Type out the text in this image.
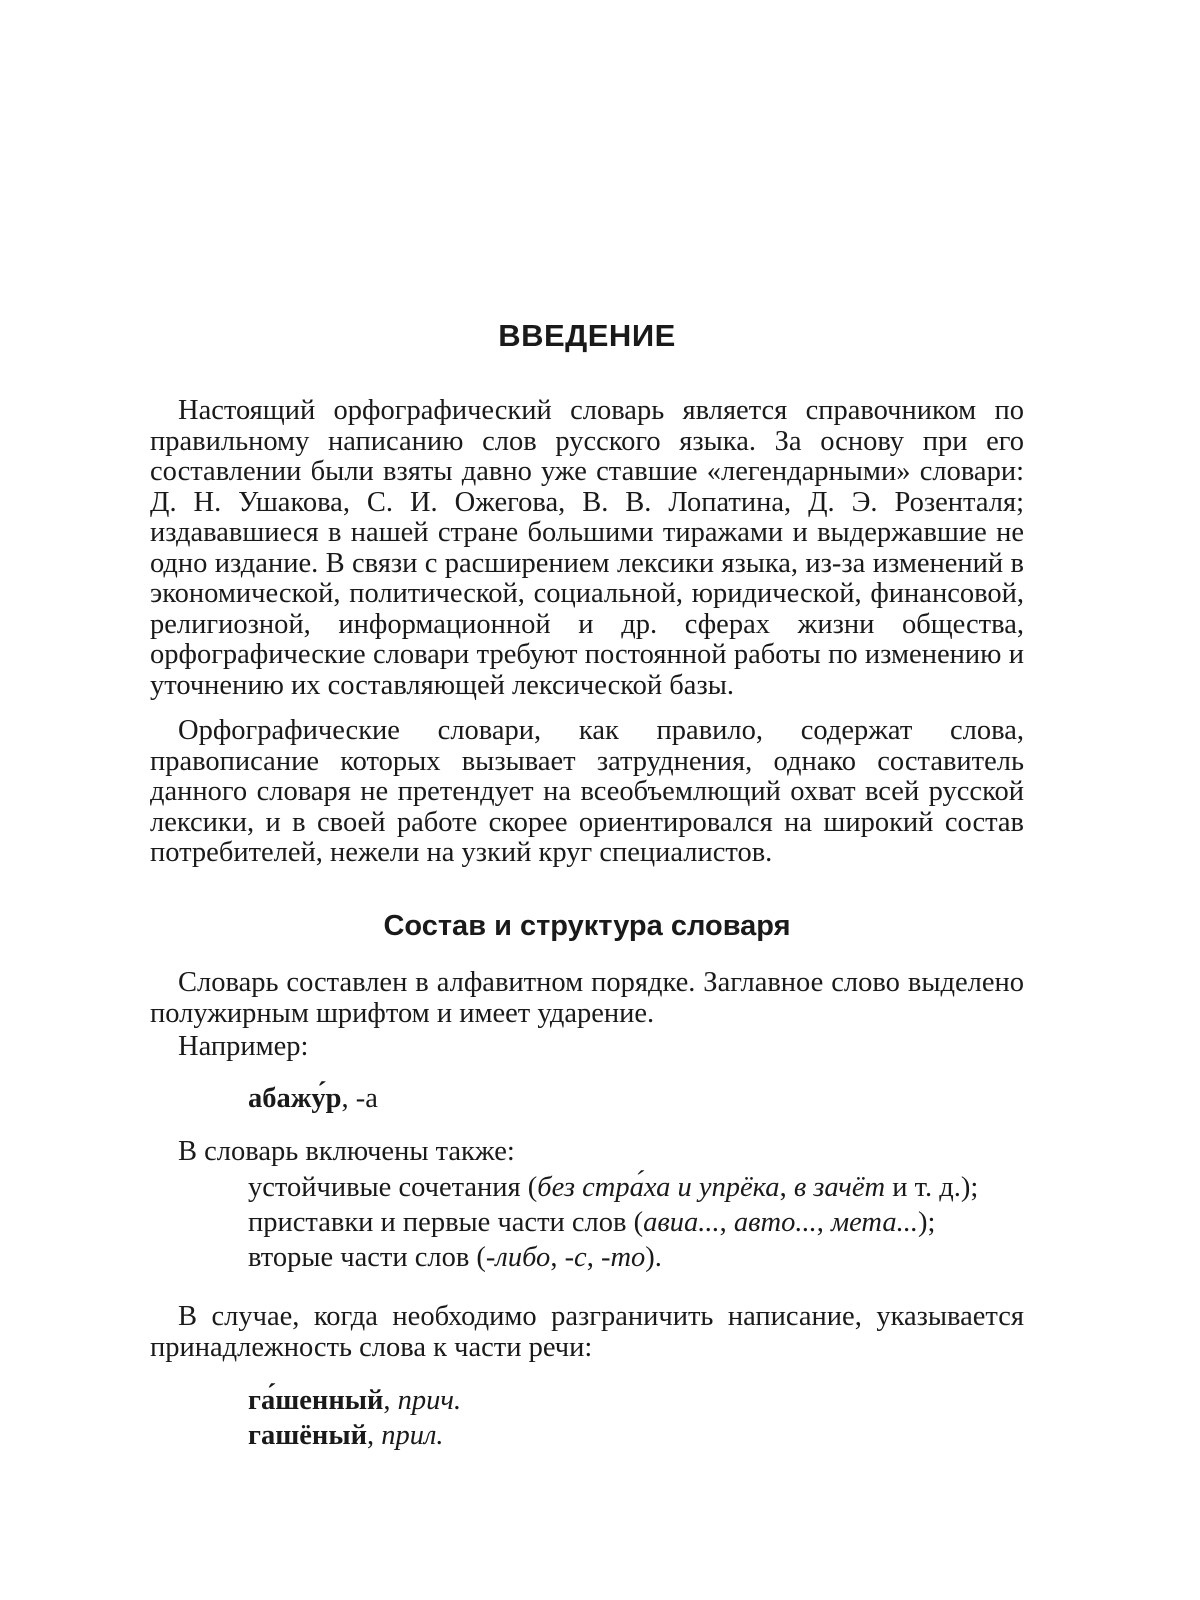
ВВЕДЕНИЕ

Настоящий орфографический словарь является справочником по правильному написанию слов русского языка. За основу при его составлении были взяты давно уже ставшие «легендарными» словари: Д. Н. Ушакова, С. И. Ожегова, В. В. Лопатина, Д. Э. Розенталя; издававшиеся в нашей стране большими тиражами и выдержавшие не одно издание. В связи с расширением лексики языка, из-за изменений в экономической, политической, социальной, юридической, финансовой, религиозной, информационной и др. сферах жизни общества, орфографические словари требуют постоянной работы по изменению и уточнению их составляющей лексической базы.

Орфографические словари, как правило, содержат слова, правописание которых вызывает затруднения, однако составитель данного словаря не претендует на всеобъемлющий охват всей русской лексики, и в своей работе скорее ориентировался на широкий состав потребителей, нежели на узкий круг специалистов.

Состав и структура словаря

Словарь составлен в алфавитном порядке. Заглавное слово выделено полужирным шрифтом и имеет ударение.

Например:

абажу́р, -а

В словарь включены также:

устойчивые сочетания (без стра́ха и упрёка, в зачёт и т. д.);

приставки и первые части слов (авиа..., авто..., мета...);

вторые части слов (-либо, -с, -то).

В случае, когда необходимо разграничить написание, указывается принадлежность слова к части речи:

га́шенный, прич.

гашёный, прил.
